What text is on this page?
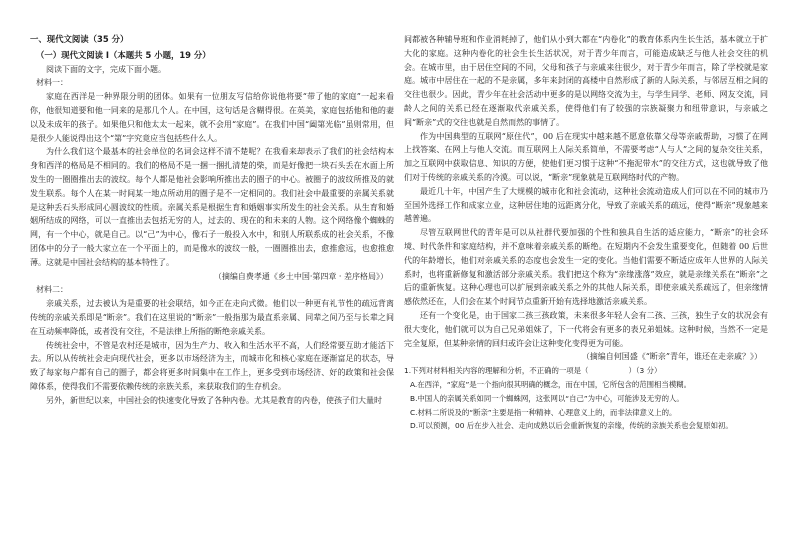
一、现代文阅读（35 分）

（一）现代文阅读 I（本题共 5 小题，19 分）

阅读下面的文字，完成下面小题。

材料一：

家庭在西洋是一种界限分明的团体。如果有一位朋友写信给你说他将要“带了他的家庭”一起来看你，他很知道要和他一同来的是那几个人。在中国，这句话是含糊得很。在英美，家庭包括他和他的妻以及未成年的孩子。如果他只和他太太一起来，就不会用“家庭”。在我们中国“阖第光临”虽则常用，但是很少人能说得出这个“第”字究竟应当包括些什么人。

为什么我们这个最基本的社会单位的名词会这样不清不楚呢？在我看来却表示了我们的社会结构本身和西洋的格局是不相同的。我们的格局不是一捆一捆扎清楚的柴，而是好像把一块石头丢在水面上所发生的一圈圈推出去的波纹。每个人都是他社会影响所推出去的圈子的中心。被圈子的波纹所推及的就发生联系。每个人在某一时间某一地点所动用的圈子是不一定相同的。我们社会中最重要的亲属关系就是这种丢石头形成同心圆波纹的性质。亲属关系是根据生育和婚姻事实所发生的社会关系。从生育和婚姻所结成的网络，可以一直推出去包括无穷的人，过去的、现在的和未来的人物。这个网络像个蜘蛛的网，有一个中心，就是自己。以“己”为中心，像石子一般投入水中，和别人所联系成的社会关系，不像团体中的分子一般大家立在一个平面上的，而是像水的波纹一般，一圈圈推出去，愈推愈远，也愈推愈薄。这就是中国社会结构的基本特性了。

（摘编自费孝通《乡土中国·第四章 · 差序格局》）

材料二：

亲戚关系，过去被认为是重要的社会联结，如今正在走向式微。他们以一种更有礼节性的疏远背离传统的亲戚关系即是“断亲”。我们在这里说的“断亲”一般指那为最直系亲属、同辈之间乃至与长辈之间在互动频率降低，或者没有交往，不是法律上所指的断绝亲戚关系。

传统社会中，不管是农村还是城市，因为生产力、收入和生活水平不高，人们经常要互助才能活下去。所以从传统社会走向现代社会，更多以市场经济为主，而城市化和核心家庭在逐渐富足的状态，导致了每家每户都有自己的圈子，都会将更多时间集中在工作上，更多受到市场经济、好的政策和社会保障体系，使得我们不需要依赖传统的亲族关系，来获取我们的生存机会。

另外，新世纪以来，中国社会的快速变化导致了各种内卷。尤其是教育的内卷，使孩子们大量时

间都被各种辅导班和作业消耗掉了，他们从小到大都在“内卷化”的教育体系内生长生活，基本就立于扩大化的家庭。这种内卷化的社会生长生活状况，对于青少年而言，可能造成缺乏与他人社会交往的机会。在城市里，由于居住空间的不同，父母和孩子与亲戚来往很少，对于青少年而言，除了学校就是家庭。城市中居住在一起的不是亲属，多年来封闭的高楼中自然形成了新的人际关系，与邻居互相之间的交往也很少。因此，青少年在社会活动中更多的是以网络交流为主，与学生同学、老师、网友交流，同龄人之间的关系已经在逐渐取代亲戚关系，使得他们有了较强的宗族凝聚力和纽带意识，与亲戚之间“断亲”式的交往也就是自然而然的事情了。

作为中国典型的互联网“原住代”，00 后在现实中越来越不愿意依靠父母等亲戚帮助，习惯了在网上找答案、在网上与他人交流。而互联网上人际关系简单，不需要考虑“人与人”之间的复杂交往关系，加之互联网中获取信息、知识的方便，使他们更习惯于这种“不拖泥带水”的交往方式，这也就导致了他们对于传统的亲戚关系的冷漠。可以说，“断亲”现象就是互联网络时代的产物。

最近几十年，中国产生了大规模的城市化和社会流动，这种社会流动造成人们可以在不同的城市乃至国外选择工作和成家立业，这种居住地的远距离分化，导致了亲戚关系的疏远，使得“断亲”现象越来越普遍。

尽管互联网世代的青年是可以从社群代要加强的个性和独具自生活的适应能力，“断亲”的社会环境、时代条件和家庭结构，并不意味着亲戚关系的断绝。在短期内不会发生重要变化，但随着 00 后世代的年龄增长，他们对亲戚关系的态度也会发生一定的变化。当他们需要不断适应成年人世界的人际关系时，也将重新修复和激活部分亲戚关系。我们把这个称为“亲缘涨落”效应，就是亲缘关系在“断亲”之后的重新恢复。这种心理也可以扩展到亲戚关系之外的其他人际关系，即使亲戚关系疏远了，但亲缘情感依然还在，人们会在某个时间节点重新开始有选择地激活亲戚关系。

还有一个变化是，由于国家二孩三孩政策，未来很多年轻人会有二孩、三孩，独生子女的状况会有很大变化，他们就可以为自己兄弟姐妹了，下一代将会有更多的表兄弟姐妹。这种时候，当然不一定是完全复原，但某种亲情的回归或许会让这种变化变得更为可能。

（摘编自何国盛《“断亲”青年，谁还在走亲戚？》）

1.下列对材料相关内容的理解和分析，不正确的一项是（	）（3 分）

A.在西洋，“家庭”是一个指向很其明确的概念，而在中国，它所包含的范围相当模糊。

B.中国人的亲属关系如同一个蜘蛛网，这张网以“自己”为中心，可能涉及无穷的人。

C.材料二所说及的“断亲”主要是指一种精神、心理意义上的，而非法律意义上的。

D.可以预测，00 后在步入社会、走向成熟以后会重新恢复的亲缘，传统的亲族关系也会复原如初。
